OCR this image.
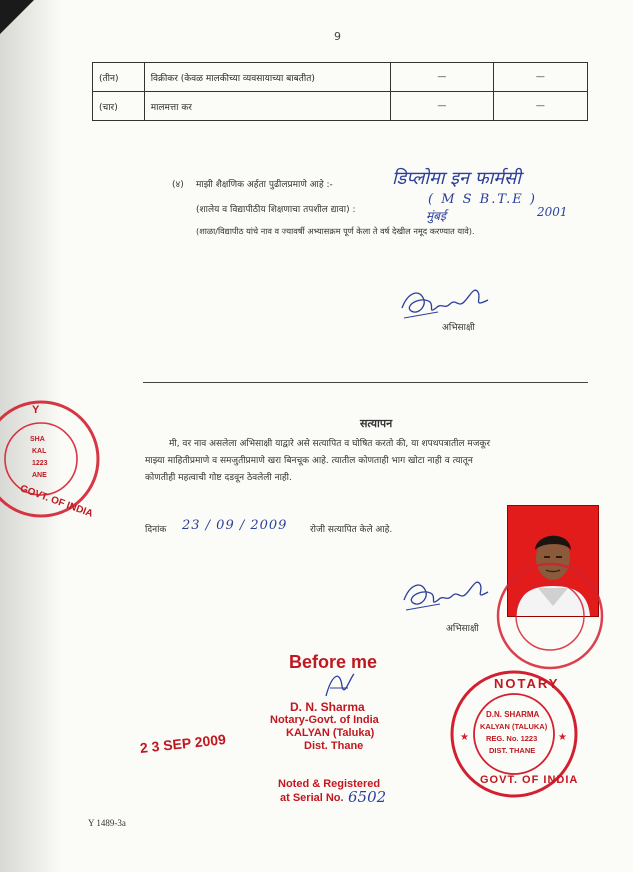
9
(तीन)	विक्रीकर (केवळ मालकीच्या व्यवसायाच्या बाबतीत)	—	—
(चार)	मालमत्ता कर	—	—
(४) माझी शैक्षणिक अर्हता पुढीलप्रमाणे आहे :-	डिप्लोमा इन फार्मसी
(शालेय व विद्यापीठीय शिक्षणाचा तपशील द्यावा) :
( M S B.T.E )
मुंबई	2001
(शाळा/विद्यापीठ यांचे नाव व ज्यावर्षी अभ्यासक्रम पूर्ण केला ते वर्ष देखील नमूद करण्यात यावे).
अभिसाक्षी
सत्यापन
मी, वर नाव असलेला अभिसाक्षी याद्वारे असे सत्यापित व घोषित करतो की, या शपथपत्रातील मजकूर
माझ्या माहितीप्रमाणे व समजुतीप्रमाणे खरा बिनचूक आहे. त्यातील कोणताही भाग खोटा नाही व त्यातून
कोणतीही महत्वाची गोष्ट दडवून ठेवलेली नाही.
दिनांक 23 / 09 / 2009	रोजी सत्यापित केले आहे.
अभिसाक्षी
Before me
D. N. Sharma
Notary-Govt. of India
KALYAN (Taluka)
Dist. Thane
Noted & Registered
at Serial No. 6502
2 3 SEP 2009	★	★
NOTARY
D.N. SHARMA
KALYAN (TALUKA)
REG. No. 1223
DIST. THANE
GOVT. OF INDIA
Y
SHA
KAL
1223
ANE
GOVT. OF INDIA
Y 1489-3a
